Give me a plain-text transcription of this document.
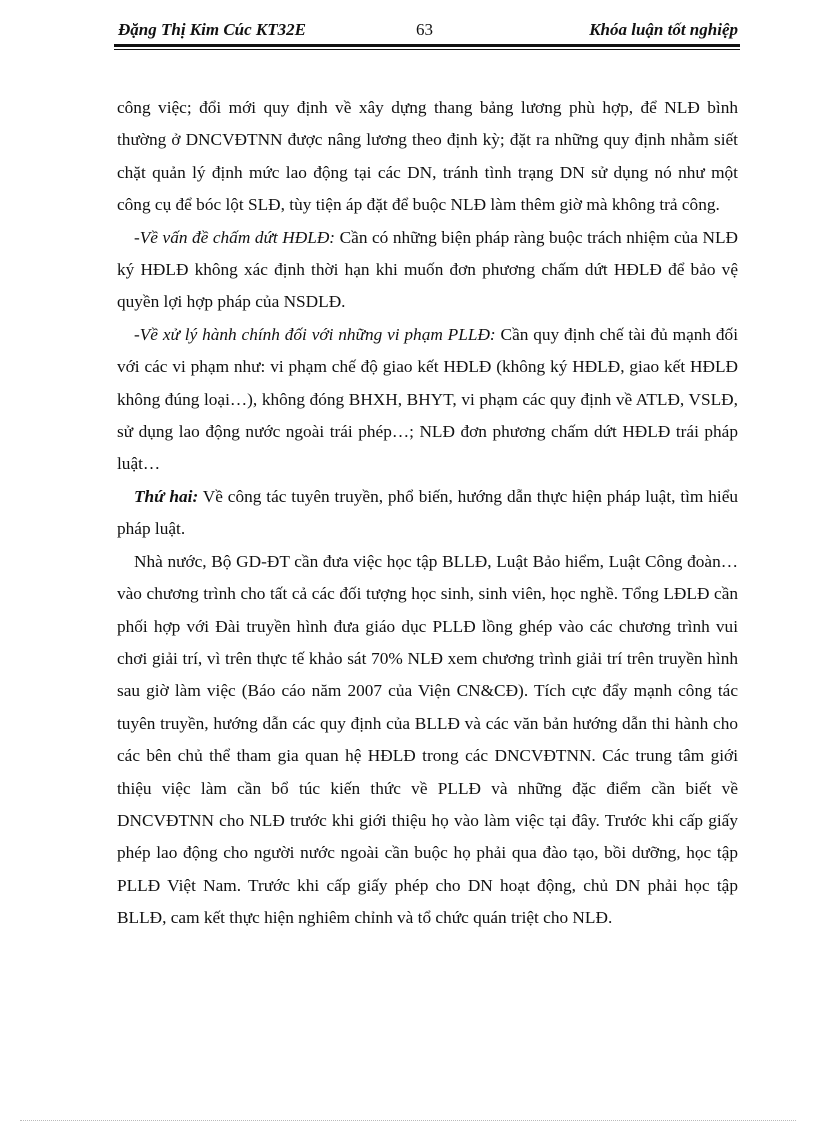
Đặng Thị Kim Cúc KT32E	63	Khóa luận tốt nghiệp

công việc; đổi mới quy định về xây dựng thang bảng lương phù hợp, để NLĐ bình thường ở DNCVĐTNN được nâng lương theo định kỳ; đặt ra những quy định nhằm siết chặt quản lý định mức lao động tại các DN, tránh tình trạng DN sử dụng nó như một công cụ để bóc lột SLĐ, tùy tiện áp đặt để buộc NLĐ làm thêm giờ mà không trả công.

-Về vấn đề chấm dứt HĐLĐ: Cần có những biện pháp ràng buộc trách nhiệm của NLĐ ký HĐLĐ không xác định thời hạn khi muốn đơn phương chấm dứt HĐLĐ để bảo vệ quyền lợi hợp pháp của NSDLĐ.

-Về xử lý hành chính đối với những vi phạm PLLĐ: Cần quy định chế tài đủ mạnh đối với các vi phạm như: vi phạm chế độ giao kết HĐLĐ (không ký HĐLĐ, giao kết HĐLĐ không đúng loại…), không đóng BHXH, BHYT, vi phạm các quy định về ATLĐ, VSLĐ, sử dụng lao động nước ngoài trái phép…; NLĐ đơn phương chấm dứt HĐLĐ trái pháp luật…

Thứ hai: Về công tác tuyên truyền, phổ biến, hướng dẫn thực hiện pháp luật, tìm hiểu pháp luật.

Nhà nước, Bộ GD-ĐT cần đưa việc học tập BLLĐ, Luật Bảo hiểm, Luật Công đoàn… vào chương trình cho tất cả các đối tượng học sinh, sinh viên, học nghề. Tổng LĐLĐ cần phối hợp với Đài truyền hình đưa giáo dục PLLĐ lồng ghép vào các chương trình vui chơi giải trí, vì trên thực tế khảo sát 70% NLĐ xem chương trình giải trí trên truyền hình sau giờ làm việc (Báo cáo năm 2007 của Viện CN&CĐ). Tích cực đẩy mạnh công tác tuyên truyền, hướng dẫn các quy định của BLLĐ và các văn bản hướng dẫn thi hành cho các bên chủ thể tham gia quan hệ HĐLĐ trong các DNCVĐTNN. Các trung tâm giới thiệu việc làm cần bổ túc kiến thức về PLLĐ và những đặc điểm cần biết về DNCVĐTNN cho NLĐ trước khi giới thiệu họ vào làm việc tại đây. Trước khi cấp giấy phép lao động cho người nước ngoài cần buộc họ phải qua đào tạo, bồi dưỡng, học tập PLLĐ Việt Nam. Trước khi cấp giấy phép cho DN hoạt động, chủ DN phải học tập BLLĐ, cam kết thực hiện nghiêm chỉnh và tổ chức quán triệt cho NLĐ.
